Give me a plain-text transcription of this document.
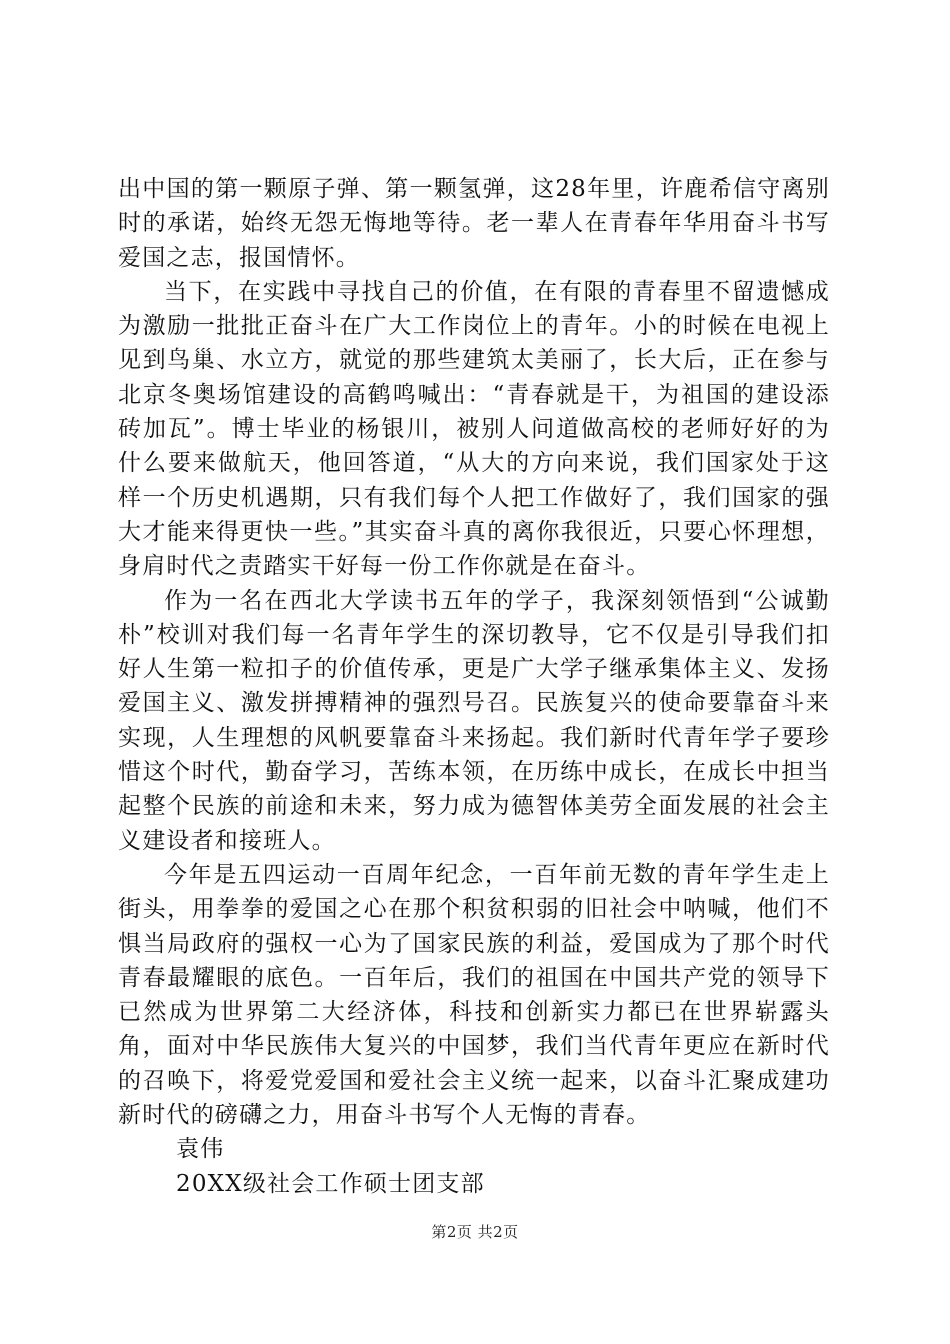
出中国的第一颗原子弹、第一颗氢弹，这28年里，许鹿希信守离别时的承诺，始终无怨无悔地等待。老一辈人在青春年华用奋斗书写爱国之志，报国情怀。

当下，在实践中寻找自己的价值，在有限的青春里不留遗憾成为激励一批批正奋斗在广大工作岗位上的青年。小的时候在电视上见到鸟巢、水立方，就觉的那些建筑太美丽了，长大后，正在参与北京冬奥场馆建设的高鹤鸣喊出：“青春就是干，为祖国的建设添砖加瓦”。博士毕业的杨银川，被别人问道做高校的老师好好的为什么要来做航天，他回答道，“从大的方向来说，我们国家处于这样一个历史机遇期，只有我们每个人把工作做好了，我们国家的强大才能来得更快一些。”其实奋斗真的离你我很近，只要心怀理想，身肩时代之责踏实干好每一份工作你就是在奋斗。

作为一名在西北大学读书五年的学子，我深刻领悟到“公诚勤朴”校训对我们每一名青年学生的深切教导，它不仅是引导我们扣好人生第一粒扣子的价值传承，更是广大学子继承集体主义、发扬爱国主义、激发拼搏精神的强烈号召。民族复兴的使命要靠奋斗来实现，人生理想的风帆要靠奋斗来扬起。我们新时代青年学子要珍惜这个时代，勤奋学习，苦练本领，在历练中成长，在成长中担当起整个民族的前途和未来，努力成为德智体美劳全面发展的社会主义建设者和接班人。

今年是五四运动一百周年纪念，一百年前无数的青年学生走上街头，用拳拳的爱国之心在那个积贫积弱的旧社会中呐喊，他们不惧当局政府的强权一心为了国家民族的利益，爱国成为了那个时代青春最耀眼的底色。一百年后，我们的祖国在中国共产党的领导下已然成为世界第二大经济体，科技和创新实力都已在世界崭露头角，面对中华民族伟大复兴的中国梦，我们当代青年更应在新时代的召唤下，将爱党爱国和爱社会主义统一起来，以奋斗汇聚成建功新时代的磅礴之力，用奋斗书写个人无悔的青春。

袁伟

20XX级社会工作硕士团支部

第2页 共2页
